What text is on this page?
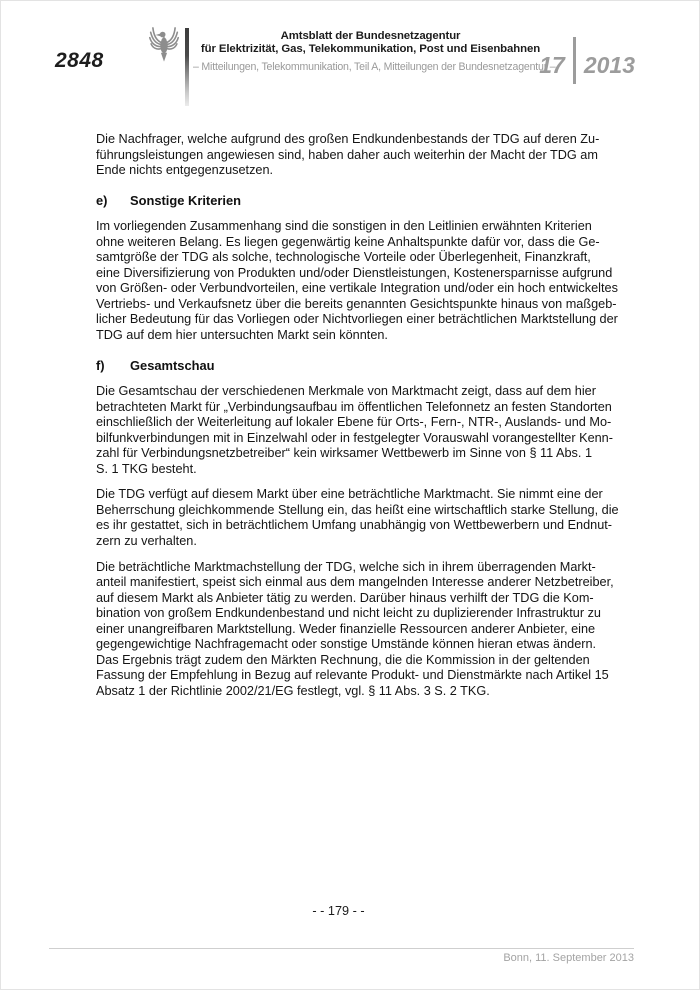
2848
Amtsblatt der Bundesnetzagentur
für Elektrizität, Gas, Telekommunikation, Post und Eisenbahnen
– Mitteilungen, Telekommunikation, Teil A, Mitteilungen der Bundesnetzagentur –
17 2013

Die Nachfrager, welche aufgrund des großen Endkundenbestands der TDG auf deren Zu-
führungsleistungen angewiesen sind, haben daher auch weiterhin der Macht der TDG am
Ende nichts entgegenzusetzen.

e) Sonstige Kriterien

Im vorliegenden Zusammenhang sind die sonstigen in den Leitlinien erwähnten Kriterien
ohne weiteren Belang. Es liegen gegenwärtig keine Anhaltspunkte dafür vor, dass die Ge-
samtgröße der TDG als solche, technologische Vorteile oder Überlegenheit, Finanzkraft,
eine Diversifizierung von Produkten und/oder Dienstleistungen, Kostenersparnisse aufgrund
von Größen- oder Verbundvorteilen, eine vertikale Integration und/oder ein hoch entwickeltes
Vertriebs- und Verkaufsnetz über die bereits genannten Gesichtspunkte hinaus von maßgeb-
licher Bedeutung für das Vorliegen oder Nichtvorliegen einer beträchtlichen Marktstellung der
TDG auf dem hier untersuchten Markt sein könnten.

f) Gesamtschau

Die Gesamtschau der verschiedenen Merkmale von Marktmacht zeigt, dass auf dem hier
betrachteten Markt für „Verbindungsaufbau im öffentlichen Telefonnetz an festen Standorten
einschließlich der Weiterleitung auf lokaler Ebene für Orts-, Fern-, NTR-, Auslands- und Mo-
bilfunkverbindungen mit in Einzelwahl oder in festgelegter Vorauswahl vorangestellter Kenn-
zahl für Verbindungsnetzbetreiber“ kein wirksamer Wettbewerb im Sinne von § 11 Abs. 1
S. 1 TKG besteht.

Die TDG verfügt auf diesem Markt über eine beträchtliche Marktmacht. Sie nimmt eine der
Beherrschung gleichkommende Stellung ein, das heißt eine wirtschaftlich starke Stellung, die
es ihr gestattet, sich in beträchtlichem Umfang unabhängig von Wettbewerbern und Endnut-
zern zu verhalten.

Die beträchtliche Marktmachstellung der TDG, welche sich in ihrem überragenden Markt-
anteil manifestiert, speist sich einmal aus dem mangelnden Interesse anderer Netzbetreiber,
auf diesem Markt als Anbieter tätig zu werden. Darüber hinaus verhilft der TDG die Kom-
bination von großem Endkundenbestand und nicht leicht zu duplizierender Infrastruktur zu
einer unangreifbaren Marktstellung. Weder finanzielle Ressourcen anderer Anbieter, eine
gegengewichtige Nachfragemacht oder sonstige Umstände können hieran etwas ändern.
Das Ergebnis trägt zudem den Märkten Rechnung, die die Kommission in der geltenden
Fassung der Empfehlung in Bezug auf relevante Produkt- und Dienstmärkte nach Artikel 15
Absatz 1 der Richtlinie 2002/21/EG festlegt, vgl. § 11 Abs. 3 S. 2 TKG.

- - 179 - -
Bonn, 11. September 2013
